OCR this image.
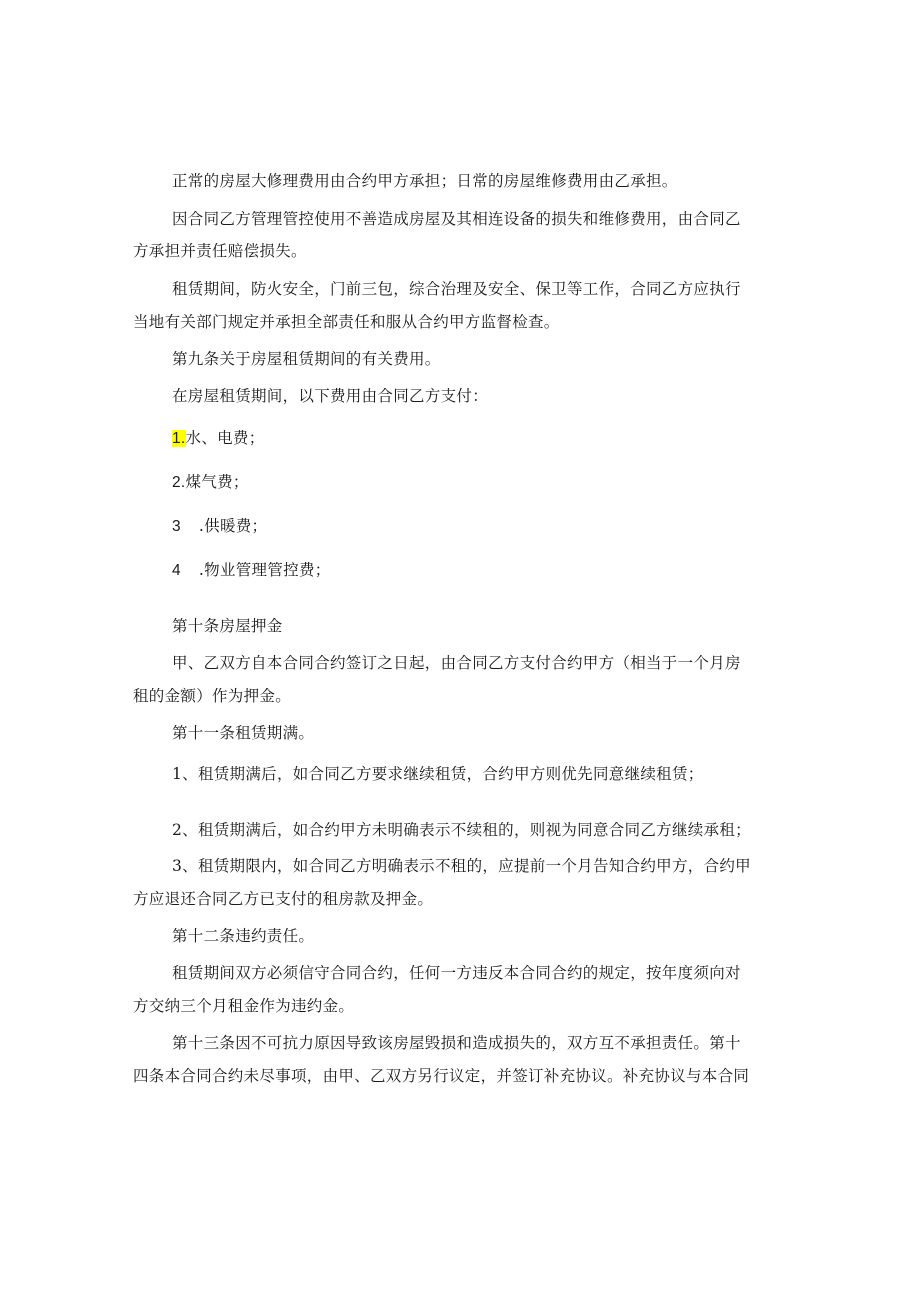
正常的房屋大修理费用由合约甲方承担；日常的房屋维修费用由乙承担。
因合同乙方管理管控使用不善造成房屋及其相连设备的损失和维修费用，由合同乙
方承担并责任赔偿损失。
租赁期间，防火安全，门前三包，综合治理及安全、保卫等工作，合同乙方应执行
当地有关部门规定并承担全部责任和服从合约甲方监督检查。
第九条关于房屋租赁期间的有关费用。
在房屋租赁期间，以下费用由合同乙方支付：
1.水、电费；
2.煤气费；
3 .供暖费；
4 .物业管理管控费；
第十条房屋押金
甲、乙双方自本合同合约签订之日起，由合同乙方支付合约甲方（相当于一个月房
租的金额）作为押金。
第十一条租赁期满。
1、租赁期满后，如合同乙方要求继续租赁，合约甲方则优先同意继续租赁；
2、租赁期满后，如合约甲方未明确表示不续租的，则视为同意合同乙方继续承租；
3、租赁期限内，如合同乙方明确表示不租的，应提前一个月告知合约甲方，合约甲
方应退还合同乙方已支付的租房款及押金。
第十二条违约责任。
租赁期间双方必须信守合同合约，任何一方违反本合同合约的规定，按年度须向对
方交纳三个月租金作为违约金。
第十三条因不可抗力原因导致该房屋毁损和造成损失的，双方互不承担责任。第十
四条本合同合约未尽事项，由甲、乙双方另行议定，并签订补充协议。补充协议与本合同
